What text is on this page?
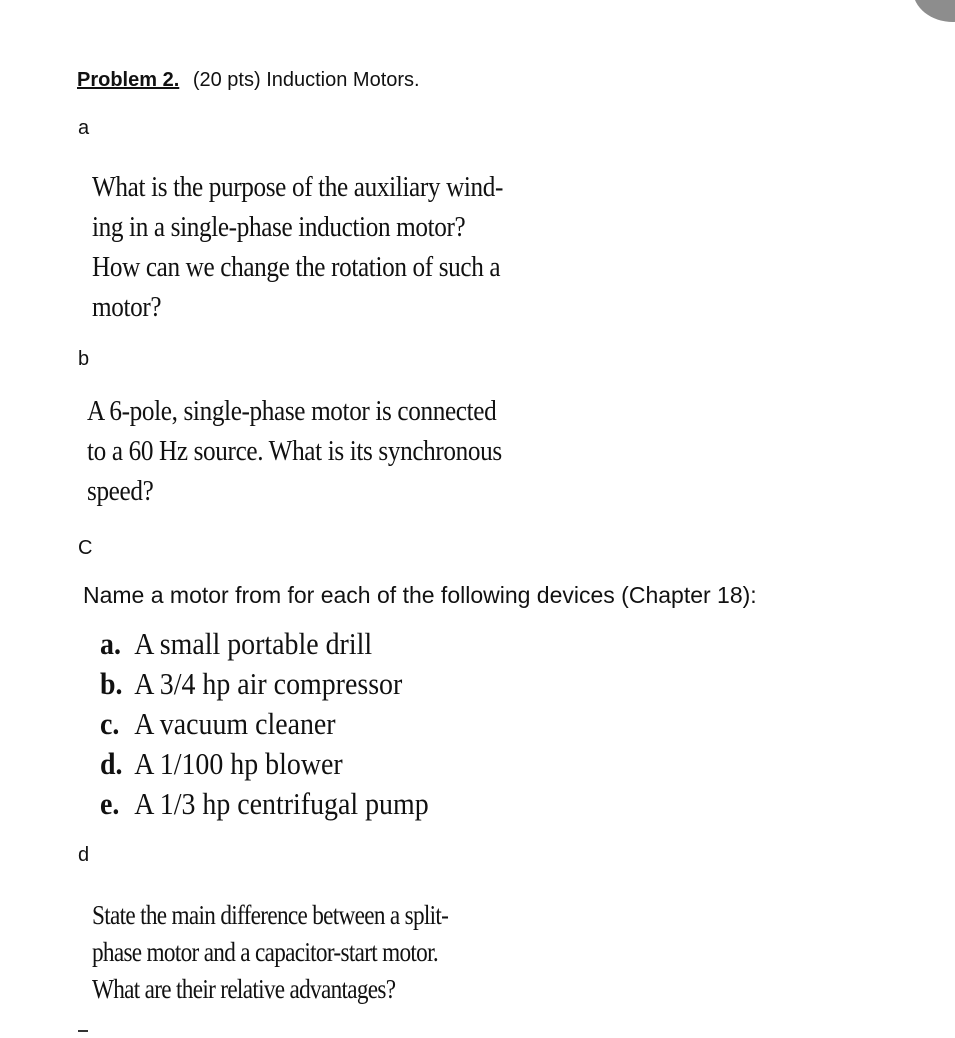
Problem 2. (20 pts) Induction Motors.
a
What is the purpose of the auxiliary wind-
ing in a single-phase induction motor?
How can we change the rotation of such a
motor?
b
A 6-pole, single-phase motor is connected
to a 60 Hz source. What is its synchronous
speed?
C
Name a motor from for each of the following devices (Chapter 18):
a. A small portable drill
b. A 3/4 hp air compressor
c. A vacuum cleaner
d. A 1/100 hp blower
e. A 1/3 hp centrifugal pump
d
State the main difference between a split-
phase motor and a capacitor-start motor.
What are their relative advantages?
